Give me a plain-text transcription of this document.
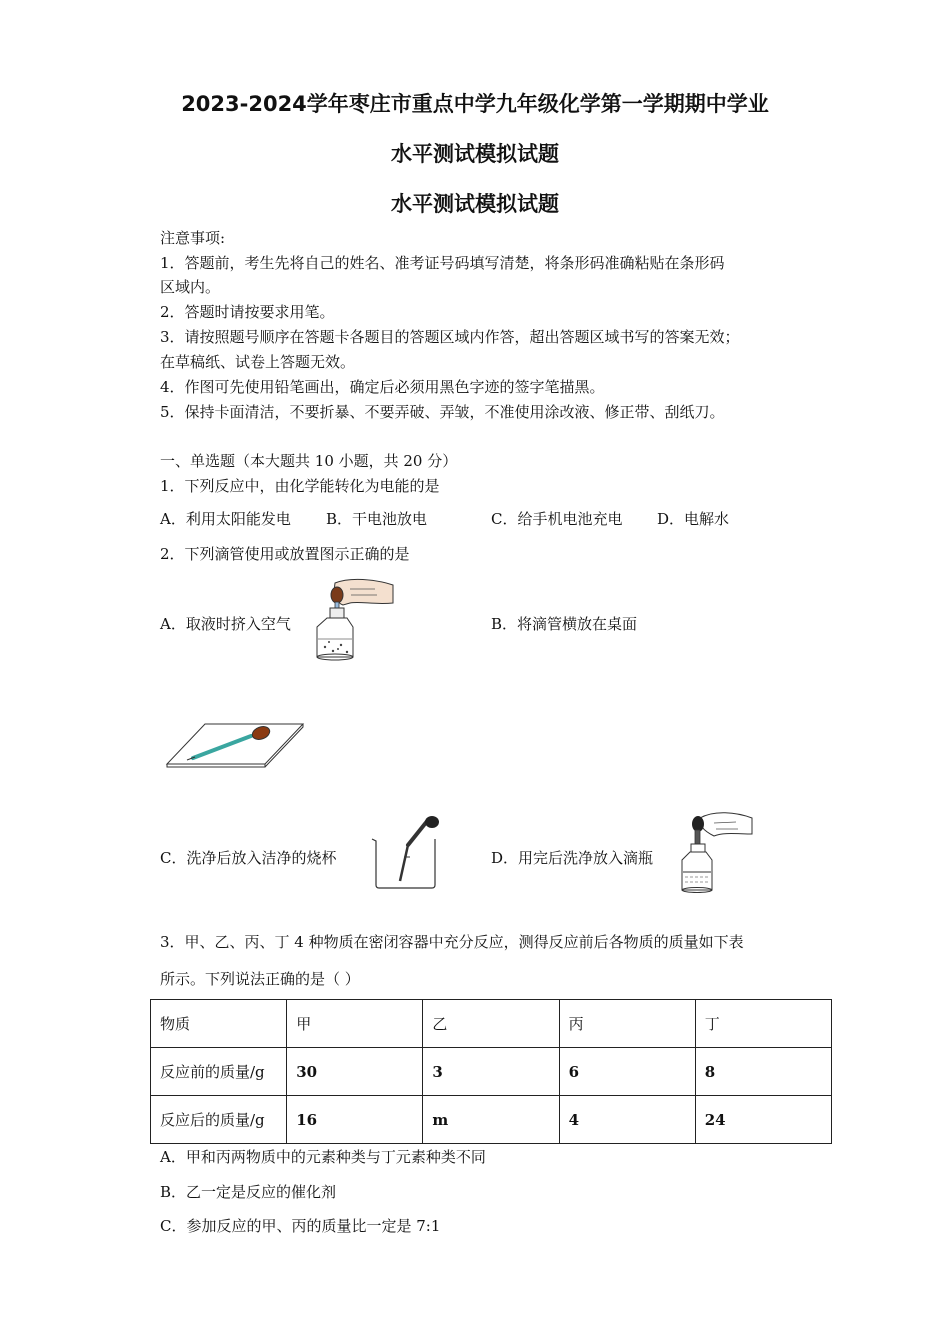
2023-2024学年枣庄市重点中学九年级化学第一学期期中学业
水平测试模拟试题
水平测试模拟试题
注意事项:
1．答题前，考生先将自己的姓名、准考证号码填写清楚，将条形码准确粘贴在条形码
区域内。
2．答题时请按要求用笔。
3．请按照题号顺序在答题卡各题目的答题区域内作答，超出答题区域书写的答案无效；
在草稿纸、试卷上答题无效。
4．作图可先使用铅笔画出，确定后必须用黑色字迹的签字笔描黑。
5．保持卡面清洁，不要折暴、不要弄破、弄皱，不准使用涂改液、修正带、刮纸刀。
一、单选题（本大题共 10 小题，共 20 分）
1．下列反应中，由化学能转化为电能的是
A．利用太阳能发电 B．干电池放电	C．给手机电池充电 D．电解水
2．下列滴管使用或放置图示正确的是
A．取液时挤入空气	B．将滴管横放在桌面
C．洗净后放入洁净的烧杯	D．用完后洗净放入滴瓶
3．甲、乙、丙、丁 4 种物质在密闭容器中充分反应，测得反应前后各物质的质量如下表
所示。下列说法正确的是（ ）
物质	甲	乙	丙	丁
反应前的质量/g	30	3	6	8
反应后的质量/g	16	m	4	24
A．甲和丙两物质中的元素种类与丁元素种类不同
B．乙一定是反应的催化剂
C．参加反应的甲、丙的质量比一定是 7:1
